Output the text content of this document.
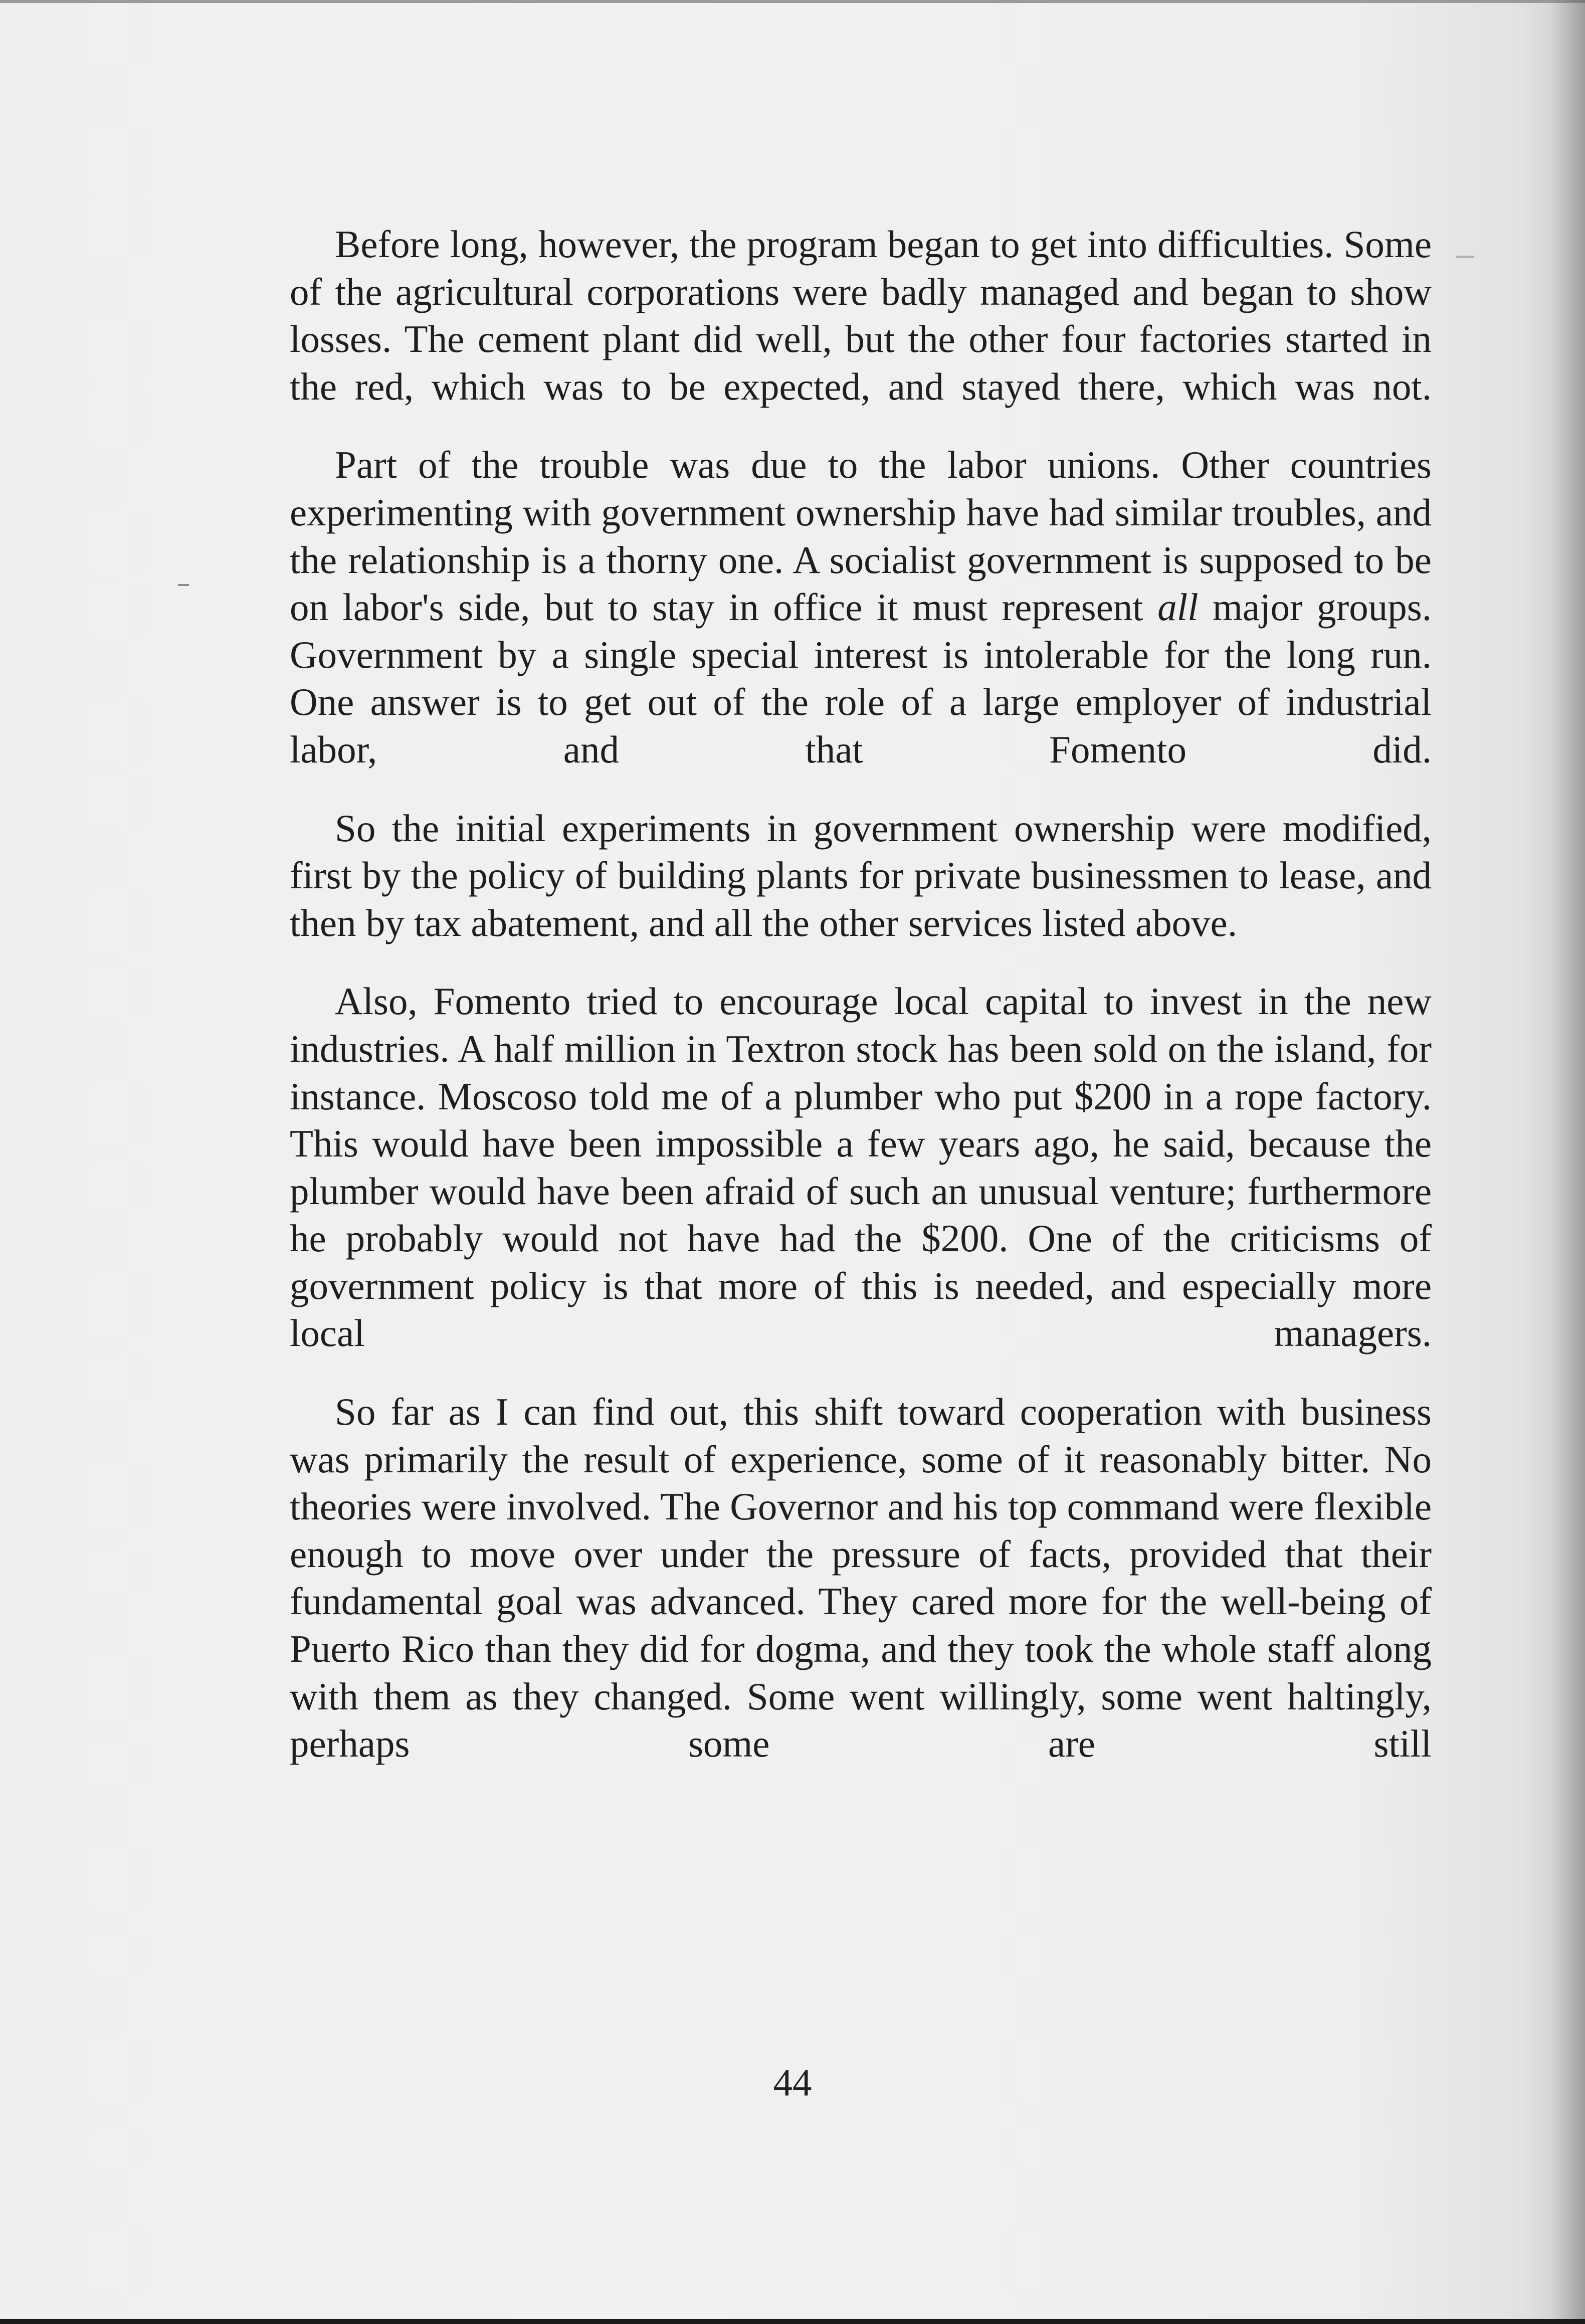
Before long, however, the program began to get into difficulties. Some of the agricultural corporations were badly managed and began to show losses. The cement plant did well, but the other four factories started in the red, which was to be expected, and stayed there, which was not.

Part of the trouble was due to the labor unions. Other countries experimenting with government ownership have had similar troubles, and the relationship is a thorny one. A socialist government is supposed to be on labor's side, but to stay in office it must represent all major groups. Government by a single special interest is intolerable for the long run. One answer is to get out of the role of a large employer of industrial labor, and that Fomento did.

So the initial experiments in government ownership were modified, first by the policy of building plants for private businessmen to lease, and then by tax abatement, and all the other services listed above.

Also, Fomento tried to encourage local capital to invest in the new industries. A half million in Textron stock has been sold on the island, for instance. Moscoso told me of a plumber who put $200 in a rope factory. This would have been impossible a few years ago, he said, because the plumber would have been afraid of such an unusual venture; furthermore he probably would not have had the $200. One of the criticisms of government policy is that more of this is needed, and especially more local managers.

So far as I can find out, this shift toward cooperation with business was primarily the result of experience, some of it reasonably bitter. No theories were involved. The Governor and his top command were flexible enough to move over under the pressure of facts, provided that their fundamental goal was advanced. They cared more for the well-being of Puerto Rico than they did for dogma, and they took the whole staff along with them as they changed. Some went willingly, some went haltingly, perhaps some are still

44
